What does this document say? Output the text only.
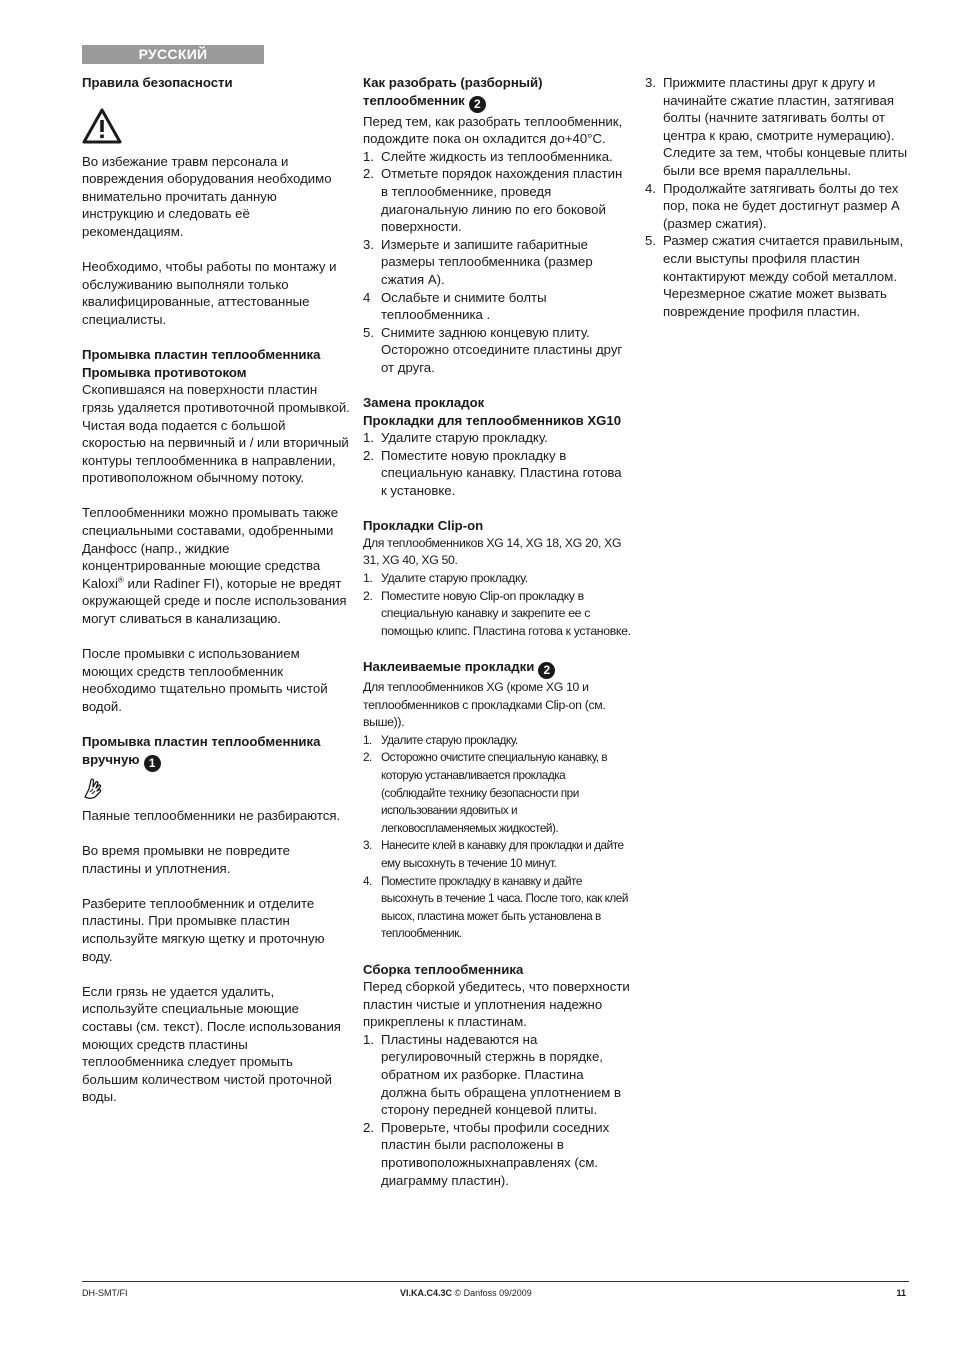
РУССКИЙ

Правила безопасности

Во избежание травм персонала и повреждения оборудования необходимо внимательно прочитать данную инструкцию и следовать её рекомендациям.

Необходимо, чтобы работы по монтажу и обслуживанию выполняли только квалифицированные, аттестованные специалисты.

Промывка пластин теплообменника

Промывка противотоком

Скопившаяся на поверхности пластин грязь удаляется противоточной промывкой. Чистая вода подается с большой скоростью на первичный и / или вторичный контуры теплообменника в направлении, противоположном обычному потоку.

Теплообменники можно промывать также специальными составами, одобренными Данфосс (напр., жидкие концентрированные моющие средства Kaloxi® или Radiner FI), которые не вредят окружающей среде и после использования могут сливаться в канализацию.

После промывки с использованием моющих средств теплообменник необходимо тщательно промыть чистой водой.

Промывка пластин теплообменника вручную 1

Паяные теплообменники не разбираются.

Во время промывки не повредите пластины и уплотнения.

Разберите теплообменник и отделите пластины. При промывке пластин используйте мягкую щетку и проточную воду.

Если грязь не удается удалить, используйте специальные моющие составы (см. текст). После использования моющих средств пластины теплообменника следует промыть большим количеством чистой проточной воды.

Как разобрать (разборный) теплообменник 2

Перед тем, как разобрать теплообменник, подождите пока он охладится до+40°С.

1. Слейте жидкость из теплообменника.
2. Отметьте порядок нахождения пластин в теплообменнике, проведя диагональную линию по его боковой поверхности.
3. Измерьте и запишите габаритные размеры теплообменника (размер сжатия А).
4 Ослабьте и снимите болты теплообменника .
5. Снимите заднюю концевую плиту. Осторожно отсоедините пластины друг от друга.

Замена прокладок

Прокладки для теплообменников XG10

1. Удалите старую прокладку.
2. Поместите новую прокладку в специальную канавку. Пластина готова к установке.

Прокладки Clip-on

Для теплообменников XG 14, XG 18, XG 20, XG 31, XG 40, XG 50.

1. Удалите старую прокладку.
2. Поместите новую Clip-on прокладку в специальную канавку и закрепите ее с помощью клипс. Пластина готова к установке.

Наклеиваемые прокладки 2

Для теплообменников XG (кроме XG 10 и теплообменников с прокладками Clip-on (см. выше)).

1. Удалите старую прокладку.
2. Осторожно очистите специальную канавку, в которую устанавливается прокладка (соблюдайте технику безопасности при использовании ядовитых и легковоспламеняемых жидкостей).
3. Нанесите клей в канавку для прокладки и дайте ему высохнуть в течение 10 минут.
4. Поместите прокладку в канавку и дайте высохнуть в течение 1 часа. После того, как клей высох, пластина может быть установлена в теплообменник.

Сборка теплообменника

Перед сборкой убедитесь, что поверхности пластин чистые и уплотнения надежно прикреплены к пластинам.

1. Пластины надеваются на регулировочный стержнь в порядке, обратном их разборке. Пластина должна быть обращена уплотнением в сторону передней концевой плиты.
2. Проверьте, чтобы профили соседних пластин были расположены в противоположныхнаправленях (см. диаграмму пластин).
3. Прижмите пластины друг к другу и начинайте сжатие пластин, затягивая болты (начните затягивать болты от центра к краю, смотрите нумерацию). Следите за тем, чтобы концевые плиты были все время параллельны.
4. Продолжайте затягивать болты до тех пор, пока не будет достигнут размер А (размер сжатия).
5. Размер сжатия считается правильным, если выступы профиля пластин контактируют между собой металлом. Черезмерное сжатие может вызвать повреждение профиля пластин.
DH-SMT/FI	VI.KA.C4.3C © Danfoss 09/2009	11
